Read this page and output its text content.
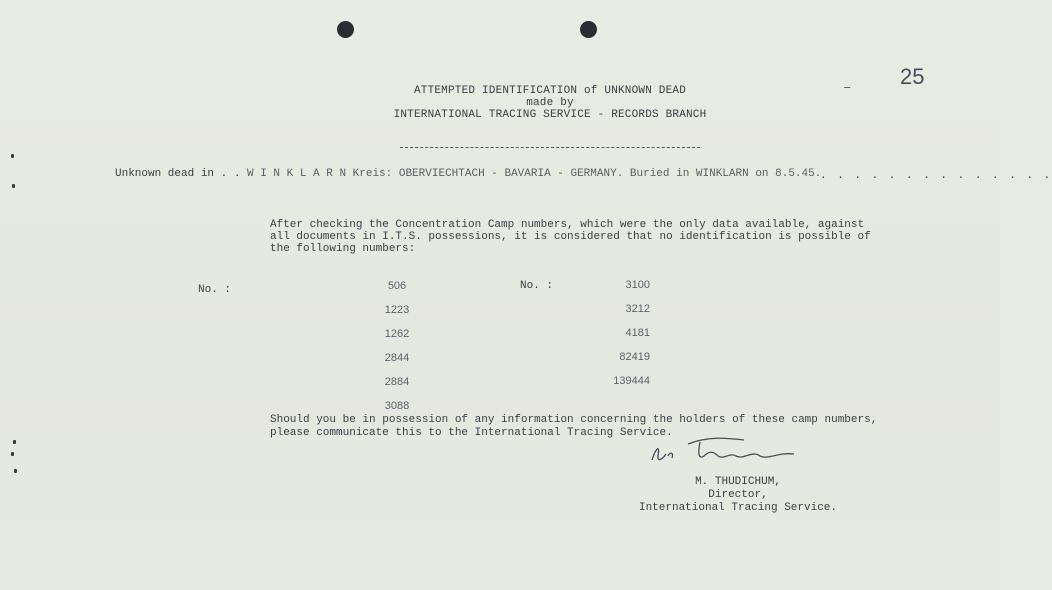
– 25
ATTEMPTED IDENTIFICATION of UNKNOWN DEAD
made by
INTERNATIONAL TRACING SERVICE - RECORDS BRANCH
Unknown dead in . . W I N K L A R N Kreis: OBERVIECHTACH - BAVARIA - GERMANY. Buried in WINKLARN on 8.5.45.
. . . . . . . . . . . . . .
After checking the Concentration Camp numbers, which were the only data available, against all documents in I.T.S. possessions, it is considered that no identification is possible of the following numbers:
No. :	No. :
506
1223
1262
2844
2884
3088
3100
3212
4181
82419
139444
Should you be in possession of any information concerning the holders of these camp numbers, please communicate this to the International Tracing Service.
M. THUDICHUM,
Director,
International Tracing Service.
